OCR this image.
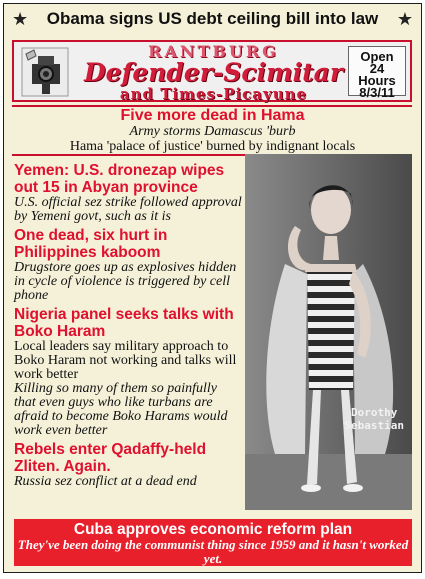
★	Obama signs US debt ceiling bill into law	★
RANTBURG
Defender-Scimitar
and Times-Picayune
Open
24
Hours
8/3/11
Five more dead in Hama
Army storms Damascus 'burb
Hama 'palace of justice' burned by indignant locals
Yemen: U.S. dronezap wipes out 15 in Abyan province
U.S. official sez strike followed approval by Yemeni govt, such as it is
One dead, six hurt in Philippines kaboom
Drugstore goes up as explosives hidden in cycle of violence is triggered by cell phone
Nigeria panel seeks talks with Boko Haram
Local leaders say military approach to Boko Haram not working and talks will work better
Killing so many of them so painfully that even guys who like turbans are afraid to become Boko Harams would work even better
Rebels enter Qadaffy-held Zliten. Again.
Russia sez conflict at a dead end
Dorothy
Sebastian
Cuba approves economic reform plan
They've been doing the communist thing since 1959 and it hasn't worked yet.
